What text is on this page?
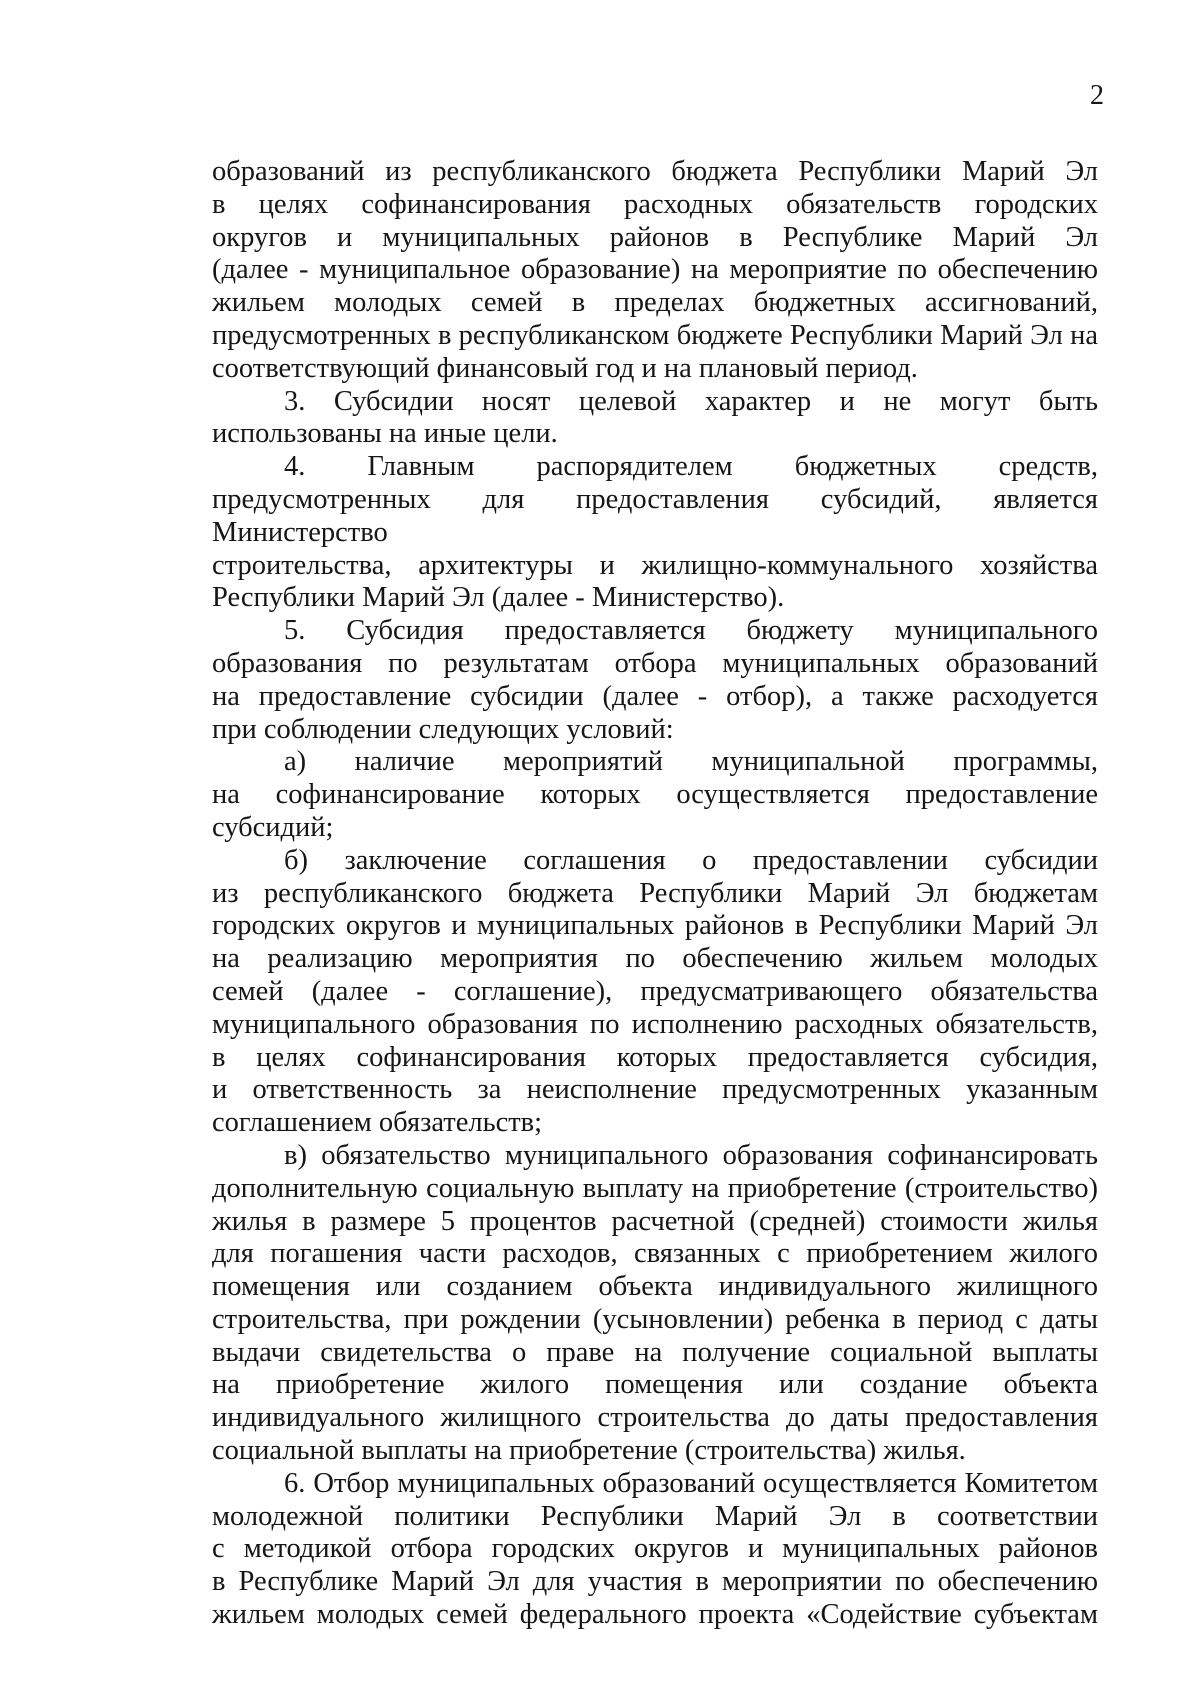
2
образований из республиканского бюджета Республики Марий Эл
в целях софинансирования расходных обязательств городских
округов и муниципальных районов в Республике Марий Эл
(далее - муниципальное образование) на мероприятие по обеспечению
жильем молодых семей в пределах бюджетных ассигнований,
предусмотренных в республиканском бюджете Республики Марий Эл на
соответствующий финансовый год и на плановый период.
3. Субсидии носят целевой характер и не могут быть
использованы на иные цели.
4. Главным распорядителем бюджетных средств,
предусмотренных для предоставления субсидий, является Министерство
строительства, архитектуры и жилищно-коммунального хозяйства
Республики Марий Эл (далее - Министерство).
5. Субсидия предоставляется бюджету муниципального
образования по результатам отбора муниципальных образований
на предоставление субсидии (далее - отбор), а также расходуется
при соблюдении следующих условий:
а) наличие мероприятий муниципальной программы,
на софинансирование которых осуществляется предоставление
субсидий;
б) заключение соглашения о предоставлении субсидии
из республиканского бюджета Республики Марий Эл бюджетам
городских округов и муниципальных районов в Республики Марий Эл
на реализацию мероприятия по обеспечению жильем молодых
семей (далее - соглашение), предусматривающего обязательства
муниципального образования по исполнению расходных обязательств,
в целях софинансирования которых предоставляется субсидия,
и ответственность за неисполнение предусмотренных указанным
соглашением обязательств;
в) обязательство муниципального образования софинансировать
дополнительную социальную выплату на приобретение (строительство)
жилья в размере 5 процентов расчетной (средней) стоимости жилья
для погашения части расходов, связанных с приобретением жилого
помещения или созданием объекта индивидуального жилищного
строительства, при рождении (усыновлении) ребенка в период с даты
выдачи свидетельства о праве на получение социальной выплаты
на приобретение жилого помещения или создание объекта
индивидуального жилищного строительства до даты предоставления
социальной выплаты на приобретение (строительства) жилья.
6. Отбор муниципальных образований осуществляется Комитетом
молодежной политики Республики Марий Эл в соответствии
с методикой отбора городских округов и муниципальных районов
в Республике Марий Эл для участия в мероприятии по обеспечению
жильем молодых семей федерального проекта «Содействие субъектам
